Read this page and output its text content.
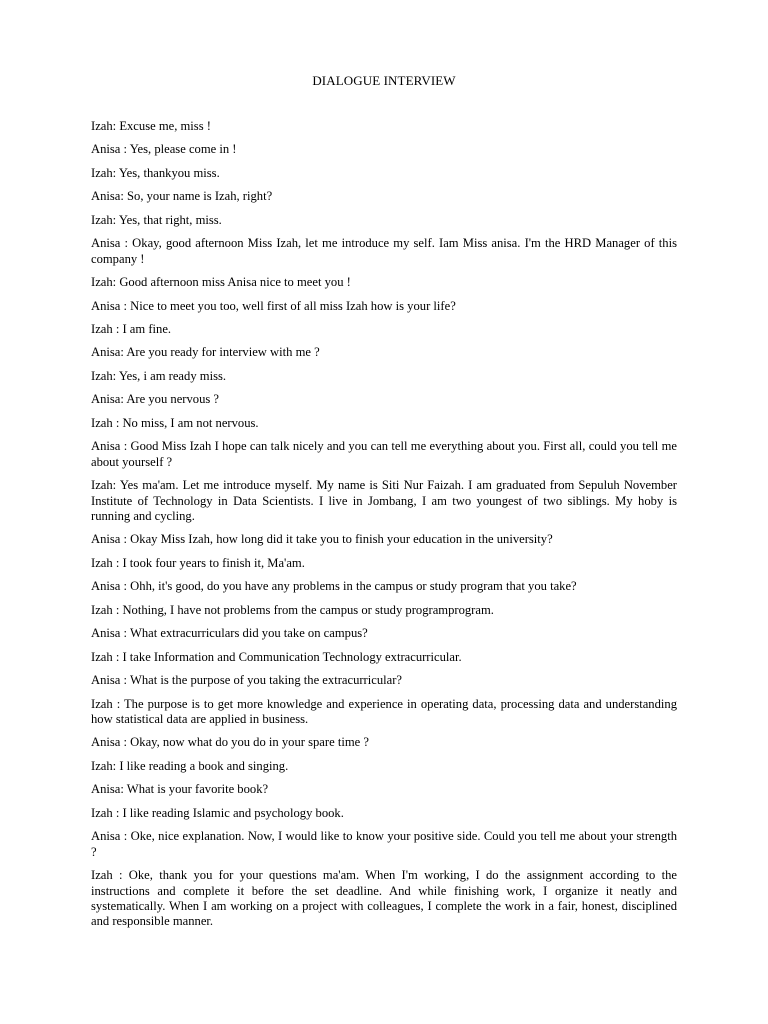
DIALOGUE INTERVIEW

Izah: Excuse me, miss !

Anisa : Yes, please come in !

Izah: Yes, thankyou miss.

Anisa: So, your name is Izah, right?

Izah: Yes, that right, miss.

Anisa : Okay, good afternoon Miss Izah, let me introduce my self. Iam Miss anisa. I'm the HRD Manager of this company !

Izah: Good afternoon miss Anisa nice to meet you !

Anisa : Nice to meet you too, well first of all miss Izah how is your life?

Izah : I am fine.

Anisa: Are you ready for interview with me ?

Izah: Yes, i am ready miss.

Anisa: Are you nervous ?

Izah : No miss, I am not nervous.

Anisa : Good Miss Izah I hope can talk nicely and you can tell me everything about you. First all, could you tell me about yourself ?

Izah: Yes ma'am. Let me introduce myself. My name is Siti Nur Faizah. I am graduated from Sepuluh November Institute of Technology in Data Scientists. I live in Jombang, I am two youngest of two siblings. My hoby is running and cycling.

Anisa : Okay Miss Izah, how long did it take you to finish your education in the university?

Izah : I took four years to finish it, Ma'am.

Anisa : Ohh, it's good, do you have any problems in the campus or study program that you take?

Izah : Nothing, I have not problems from the campus or study programprogram.

Anisa : What extracurriculars did you take on campus?

Izah : I take Information and Communication Technology extracurricular.

Anisa : What is the purpose of you taking the extracurricular?

Izah : The purpose is to get more knowledge and experience in operating data, processing data and understanding how statistical data are applied in business.

Anisa : Okay, now what do you do in your spare time ?

Izah: I like reading a book and singing.

Anisa: What is your favorite book?

Izah : I like reading Islamic and psychology book.

Anisa : Oke, nice explanation. Now, I would like to know your positive side. Could you tell me about your strength ?

Izah : Oke, thank you for your questions ma'am. When I'm working, I do the assignment according to the instructions and complete it before the set deadline. And while finishing work, I organize it neatly and systematically. When I am working on a project with colleagues, I complete the work in a fair, honest, disciplined and responsible manner.
